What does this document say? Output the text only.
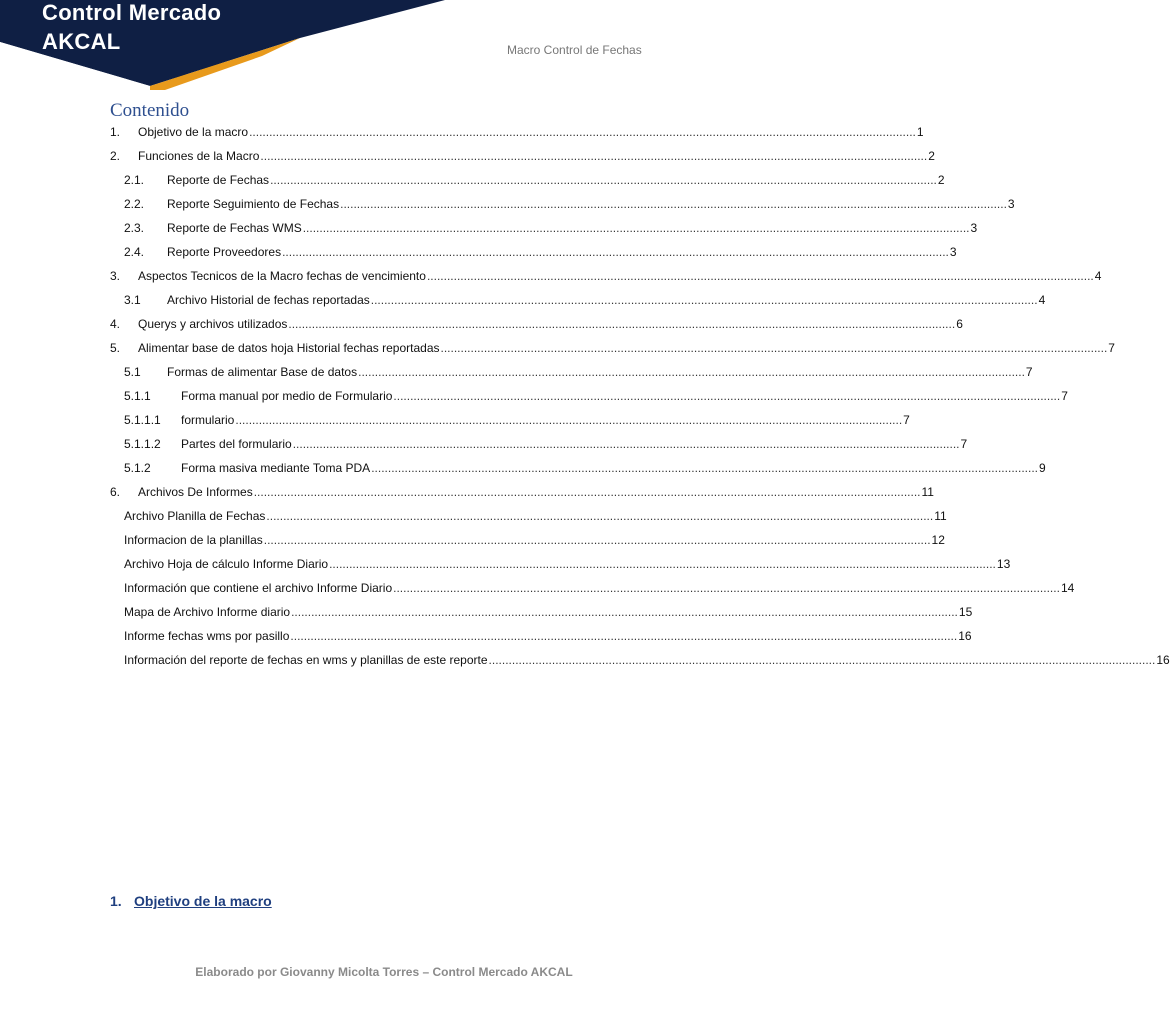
Control Mercado
AKCAL	Macro Control de Fechas
Contenido
1. Objetivo de la macro ........................................................................................................................................................................................................ 1
2. Funciones de la Macro ........................................................................................................................................................................................................ 2
2.1. Reporte de Fechas ........................................................................................................................................................................................................ 2
2.2. Reporte Seguimiento de Fechas ........................................................................................................................................................................................................ 3
2.3. Reporte de Fechas WMS ........................................................................................................................................................................................................ 3
2.4. Reporte Proveedores ........................................................................................................................................................................................................ 3
3. Aspectos Tecnicos de la Macro fechas de vencimiento ........................................................................................................................................................................................................ 4
3.1 Archivo Historial de fechas reportadas ........................................................................................................................................................................................................ 4
4. Querys y archivos utilizados ........................................................................................................................................................................................................ 6
5. Alimentar base de datos hoja Historial fechas reportadas ........................................................................................................................................................................................................ 7
5.1 Formas de alimentar Base de datos ........................................................................................................................................................................................................ 7
5.1.1	Forma manual por medio de Formulario ........................................................................................................................................................................................................ 7
5.1.1.1 formulario ........................................................................................................................................................................................................ 7
5.1.1.2 Partes del formulario ........................................................................................................................................................................................................ 7
5.1.2	Forma masiva mediante Toma PDA ........................................................................................................................................................................................................ 9
6. Archivos De Informes ........................................................................................................................................................................................................ 11
Archivo Planilla de Fechas ........................................................................................................................................................................................................ 11
Informacion de la planillas ........................................................................................................................................................................................................ 12
Archivo Hoja de cálculo Informe Diario ........................................................................................................................................................................................................ 13
Información que contiene el archivo Informe Diario ........................................................................................................................................................................................................ 14
Mapa de Archivo Informe diario ........................................................................................................................................................................................................ 15
Informe fechas wms por pasillo ........................................................................................................................................................................................................ 16
Información del reporte de fechas en wms y planillas de este reporte ........................................................................................................................................................................................................ 16
1. Objetivo de la macro
Elaborado por Giovanny Micolta Torres – Control Mercado AKCAL
